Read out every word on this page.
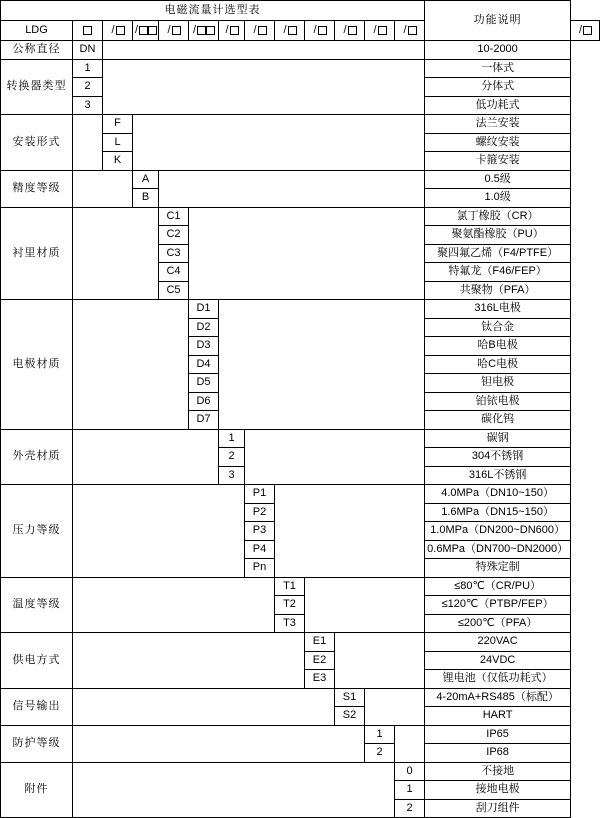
电磁流量计选型表													功能说明	
LDG		/	/	/	/	/	/	/	/	/	/	/		/
公称直径	DN												10-2000	
转换器类型	1												一体式	
	2												分体式	
	3												低功耗式	
安装形式		F											法兰安装	
		L											螺纹安装	
		K											卡箍安装	
精度等级			A										0.5级	
			B										1.0级	
衬里材质				C1									氯丁橡胶（CR）	
				C2									聚氨酯橡胶（PU）	
				C3									聚四氟乙烯（F4/PTFE）	
				C4									特氟龙（F46/FEP）	
				C5									共聚物（PFA）	
电极材质					D1								316L电极	
					D2								钛合金	
					D3								哈B电极	
					D4								哈C电极	
					D5								钽电极	
					D6								铂铱电极	
					D7								碳化钨	
外壳材质						1							碳钢	
						2							304不锈钢	
						3							316L不锈钢	
压力等级							P1						4.0MPa（DN10~150）	
							P2						1.6MPa（DN15~150）	
							P3						1.0MPa（DN200~DN600）	
							P4						0.6MPa（DN700~DN2000）	
							Pn						特殊定制	
温度等级								T1					≤80℃（CR/PU）	
								T2					≤120℃（PTBP/FEP）	
								T3					≤200℃（PFA）	
供电方式									E1				220VAC	
									E2				24VDC	
									E3				锂电池（仅低功耗式）	
信号输出										S1			4-20mA+RS485（标配）	
										S2			HART	
防护等级											1		IP65	
											2		IP68	
附件												0	不接地	
												1	接地电极	
												2	刮刀组件	
